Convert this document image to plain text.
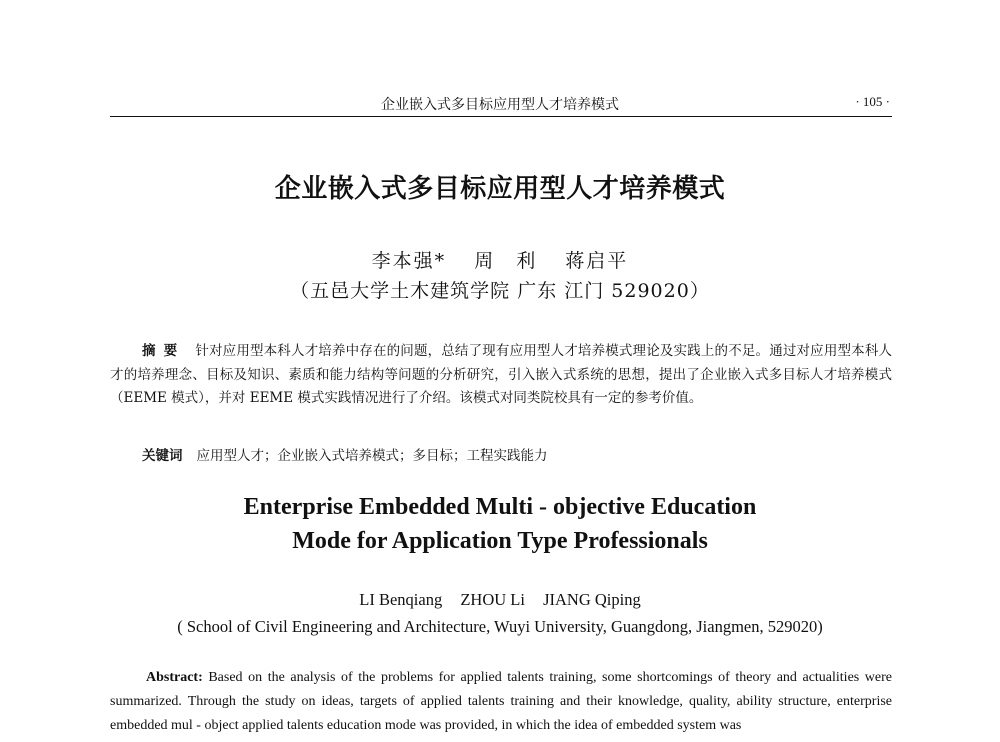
企业嵌入式多目标应用型人才培养模式	· 105 ·
企业嵌入式多目标应用型人才培养模式
李本强* 周　利 蒋启平
（五邑大学土木建筑学院 广东 江门 529020）
摘要 针对应用型本科人才培养中存在的问题，总结了现有应用型人才培养模式理论及实践上的不足。通过对应用型本科人才的培养理念、目标及知识、素质和能力结构等问题的分析研究，引入嵌入式系统的思想，提出了企业嵌入式多目标人才培养模式（EEME 模式），并对 EEME 模式实践情况进行了介绍。该模式对同类院校具有一定的参考价值。
关键词 应用型人才；企业嵌入式培养模式；多目标；工程实践能力
Enterprise Embedded Multi - objective Education
Mode for Application Type Professionals
LI Benqiang ZHOU Li JIANG Qiping
( School of Civil Engineering and Architecture, Wuyi University, Guangdong, Jiangmen, 529020)
Abstract: Based on the analysis of the problems for applied talents training, some shortcomings of theory and actualities were summarized. Through the study on ideas, targets of applied talents training and their knowledge, quality, ability structure, enterprise embedded mul - object applied talents education mode was provided, in which the idea of embedded system was
